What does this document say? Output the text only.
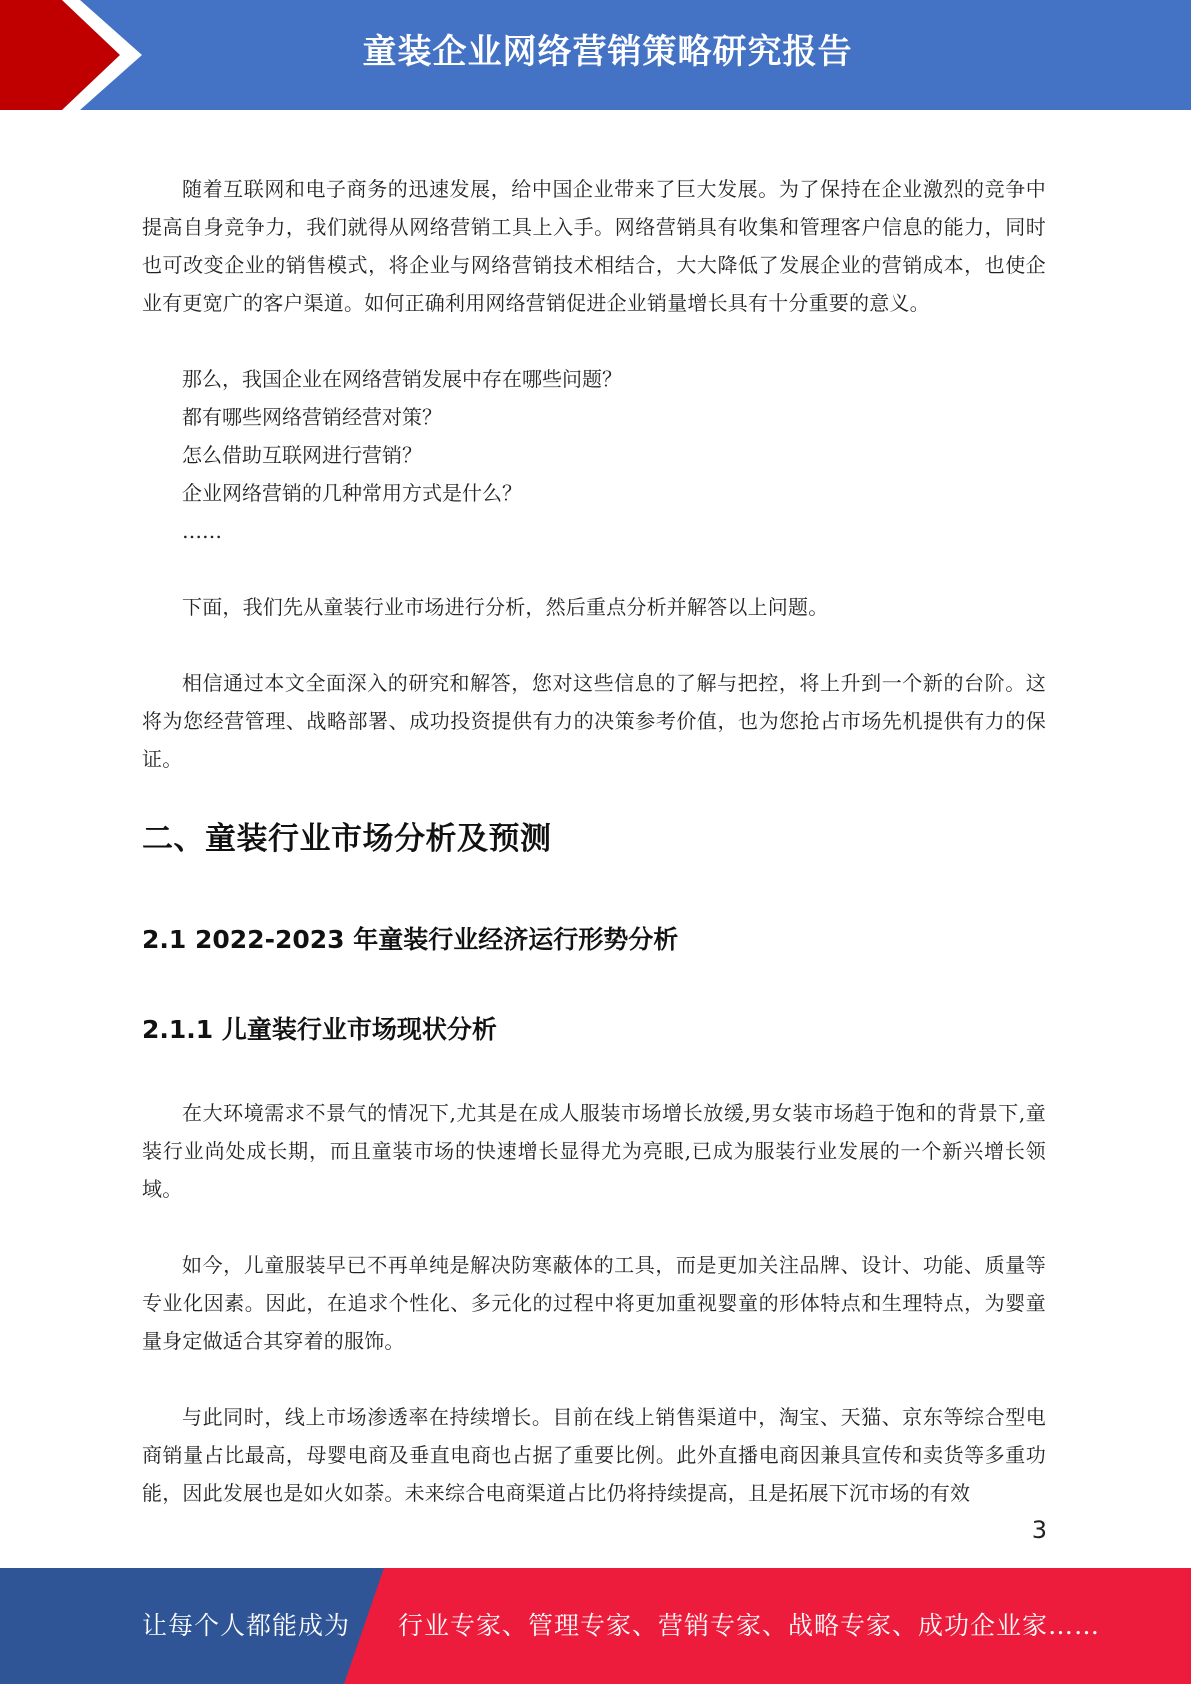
童装企业网络营销策略研究报告

随着互联网和电子商务的迅速发展，给中国企业带来了巨大发展。为了保持在企业激烈的竞争中提高自身竞争力，我们就得从网络营销工具上入手。网络营销具有收集和管理客户信息的能力，同时也可改变企业的销售模式，将企业与网络营销技术相结合，大大降低了发展企业的营销成本，也使企业有更宽广的客户渠道。如何正确利用网络营销促进企业销量增长具有十分重要的意义。

那么，我国企业在网络营销发展中存在哪些问题？
都有哪些网络营销经营对策？
怎么借助互联网进行营销？
企业网络营销的几种常用方式是什么？
……

下面，我们先从童装行业市场进行分析，然后重点分析并解答以上问题。

相信通过本文全面深入的研究和解答，您对这些信息的了解与把控，将上升到一个新的台阶。这将为您经营管理、战略部署、成功投资提供有力的决策参考价值，也为您抢占市场先机提供有力的保证。

二、童装行业市场分析及预测
2.1 2022-2023 年童装行业经济运行形势分析
2.1.1 儿童装行业市场现状分析

在大环境需求不景气的情况下,尤其是在成人服装市场增长放缓,男女装市场趋于饱和的背景下,童装行业尚处成长期，而且童装市场的快速增长显得尤为亮眼,已成为服装行业发展的一个新兴增长领域。

如今，儿童服装早已不再单纯是解决防寒蔽体的工具，而是更加关注品牌、设计、功能、质量等专业化因素。因此，在追求个性化、多元化的过程中将更加重视婴童的形体特点和生理特点，为婴童量身定做适合其穿着的服饰。

与此同时，线上市场渗透率在持续增长。目前在线上销售渠道中，淘宝、天猫、京东等综合型电商销量占比最高，母婴电商及垂直电商也占据了重要比例。此外直播电商因兼具宣传和卖货等多重功能，因此发展也是如火如荼。未来综合电商渠道占比仍将持续提高，且是拓展下沉市场的有效

3
让每个人都能成为 行业专家、管理专家、营销专家、战略专家、成功企业家……
